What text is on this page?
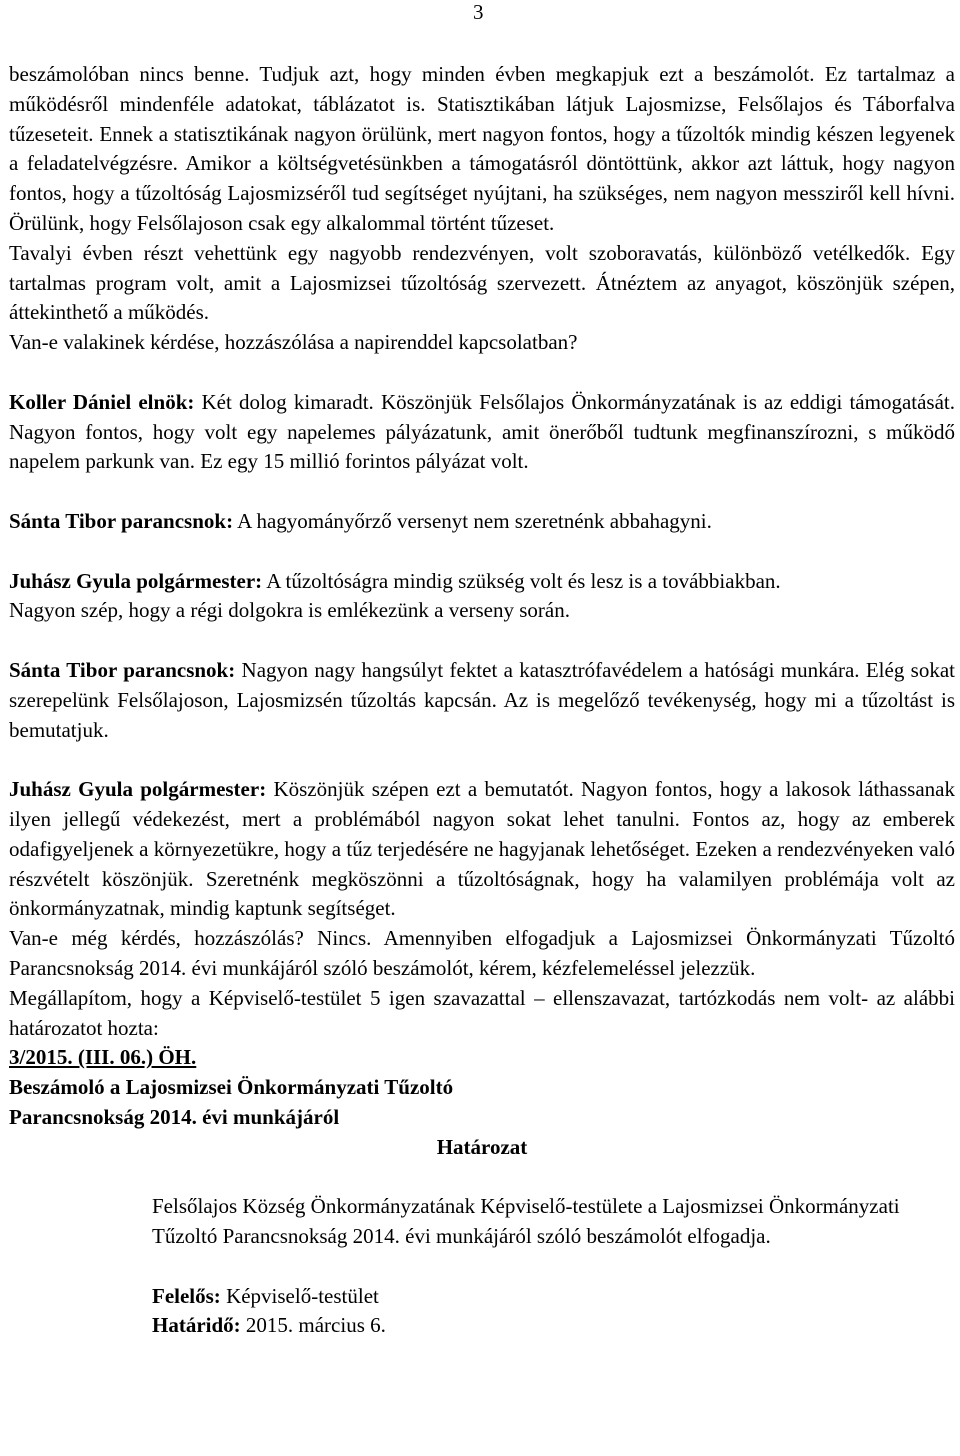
3

beszámolóban nincs benne. Tudjuk azt, hogy minden évben megkapjuk ezt a beszámolót. Ez tartalmaz a működésről mindenféle adatokat, táblázatot is. Statisztikában látjuk Lajosmizse, Felsőlajos és Táborfalva tűzeseteit. Ennek a statisztikának nagyon örülünk, mert nagyon fontos, hogy a tűzoltók mindig készen legyenek a feladatelvégzésre. Amikor a költségvetésünkben a támogatásról döntöttünk, akkor azt láttuk, hogy nagyon fontos, hogy a tűzoltóság Lajosmizséről tud segítséget nyújtani, ha szükséges, nem nagyon messziről kell hívni. Örülünk, hogy Felsőlajoson csak egy alkalommal történt tűzeset.

Tavalyi évben részt vehettünk egy nagyobb rendezvényen, volt szoboravatás, különböző vetélkedők. Egy tartalmas program volt, amit a Lajosmizsei tűzoltóság szervezett. Átnéztem az anyagot, köszönjük szépen, áttekinthető a működés.

Van-e valakinek kérdése, hozzászólása a napirenddel kapcsolatban?

Koller Dániel elnök: Két dolog kimaradt. Köszönjük Felsőlajos Önkormányzatának is az eddigi támogatását. Nagyon fontos, hogy volt egy napelemes pályázatunk, amit önerőből tudtunk megfinanszírozni, s működő napelem parkunk van. Ez egy 15 millió forintos pályázat volt.

Sánta Tibor parancsnok: A hagyományőrző versenyt nem szeretnénk abbahagyni.

Juhász Gyula polgármester: A tűzoltóságra mindig szükség volt és lesz is a továbbiakban.

Nagyon szép, hogy a régi dolgokra is emlékezünk a verseny során.

Sánta Tibor parancsnok: Nagyon nagy hangsúlyt fektet a katasztrófavédelem a hatósági munkára. Elég sokat szerepelünk Felsőlajoson, Lajosmizsén tűzoltás kapcsán. Az is megelőző tevékenység, hogy mi a tűzoltást is bemutatjuk.

Juhász Gyula polgármester: Köszönjük szépen ezt a bemutatót. Nagyon fontos, hogy a lakosok láthassanak ilyen jellegű védekezést, mert a problémából nagyon sokat lehet tanulni. Fontos az, hogy az emberek odafigyeljenek a környezetükre, hogy a tűz terjedésére ne hagyjanak lehetőséget. Ezeken a rendezvényeken való részvételt köszönjük. Szeretnénk megköszönni a tűzoltóságnak, hogy ha valamilyen problémája volt az önkormányzatnak, mindig kaptunk segítséget.

Van-e még kérdés, hozzászólás? Nincs. Amennyiben elfogadjuk a Lajosmizsei Önkormányzati Tűzoltó Parancsnokság 2014. évi munkájáról szóló beszámolót, kérem, kézfelemeléssel jelezzük.

Megállapítom, hogy a Képviselő-testület 5 igen szavazattal – ellenszavazat, tartózkodás nem volt- az alábbi határozatot hozta:

3/2015. (III. 06.) ÖH.

Beszámoló a Lajosmizsei Önkormányzati Tűzoltó

Parancsnokság 2014. évi munkájáról

Határozat

Felsőlajos Község Önkormányzatának Képviselő-testülete a Lajosmizsei Önkormányzati Tűzoltó Parancsnokság 2014. évi munkájáról szóló beszámolót elfogadja.

Felelős: Képviselő-testület

Határidő: 2015. március 6.
